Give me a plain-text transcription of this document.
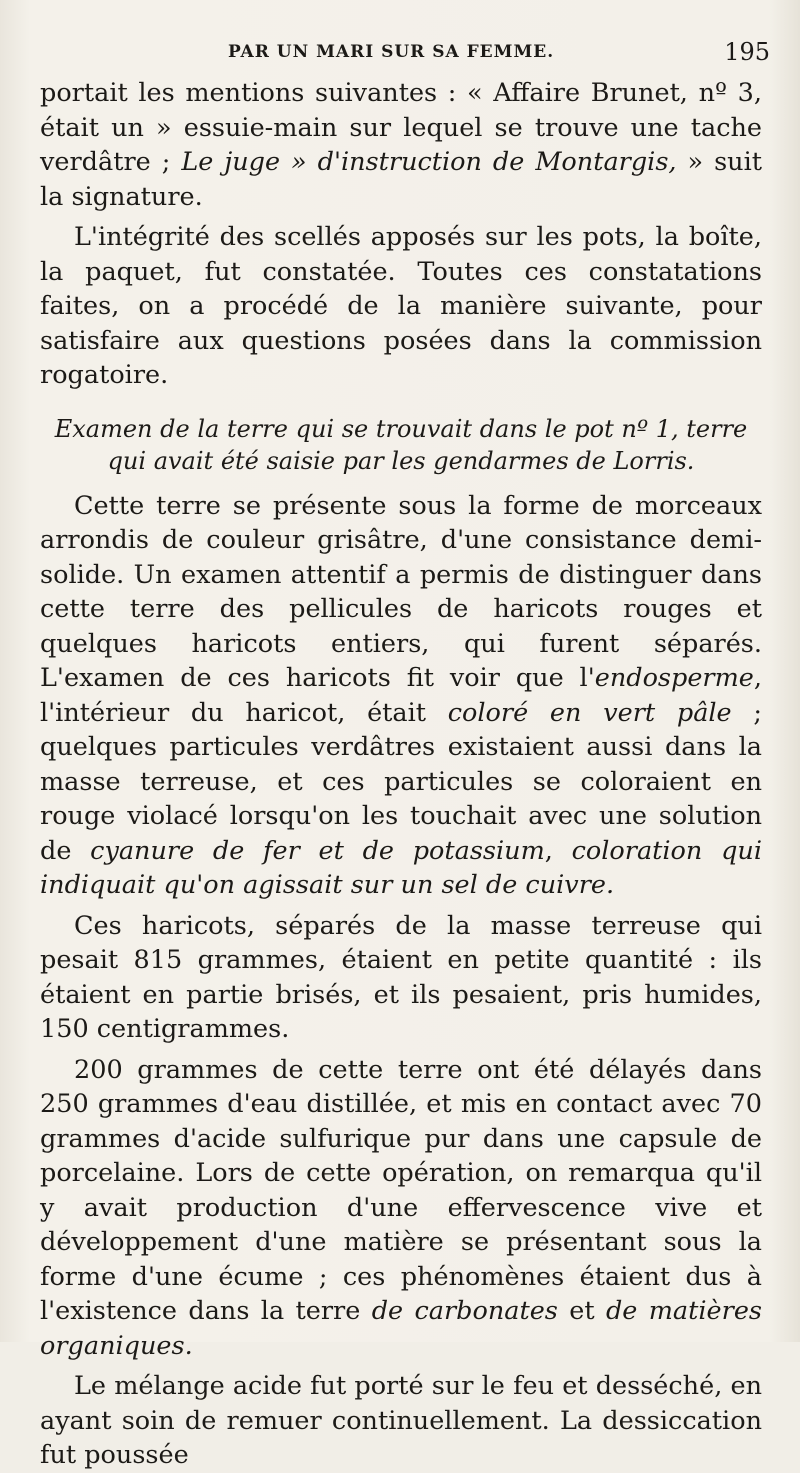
PAR UN MARI SUR SA FEMME.	195

portait les mentions suivantes : « Affaire Brunet, nº 3, était un » essuie-main sur lequel se trouve une tache verdâtre ; Le juge » d'instruction de Montargis, » suit la signature.

L'intégrité des scellés apposés sur les pots, la boîte, la paquet, fut constatée. Toutes ces constatations faites, on a procédé de la manière suivante, pour satisfaire aux questions posées dans la commission rogatoire.

Examen de la terre qui se trouvait dans le pot nº 1, terre qui avait été saisie par les gendarmes de Lorris.

Cette terre se présente sous la forme de morceaux arrondis de couleur grisâtre, d'une consistance demi-solide. Un examen attentif a permis de distinguer dans cette terre des pellicules de haricots rouges et quelques haricots entiers, qui furent séparés. L'examen de ces haricots fit voir que l'endosperme, l'intérieur du haricot, était coloré en vert pâle ; quelques particules verdâtres existaient aussi dans la masse terreuse, et ces particules se coloraient en rouge violacé lorsqu'on les touchait avec une solution de cyanure de fer et de potassium, coloration qui indiquait qu'on agissait sur un sel de cuivre.

Ces haricots, séparés de la masse terreuse qui pesait 815 grammes, étaient en petite quantité : ils étaient en partie brisés, et ils pesaient, pris humides, 150 centigrammes.

200 grammes de cette terre ont été délayés dans 250 grammes d'eau distillée, et mis en contact avec 70 grammes d'acide sulfurique pur dans une capsule de porcelaine. Lors de cette opération, on remarqua qu'il y avait production d'une effervescence vive et développement d'une matière se présentant sous la forme d'une écume ; ces phénomènes étaient dus à l'existence dans la terre de carbonates et de matières organiques.

Le mélange acide fut porté sur le feu et desséché, en ayant soin de remuer continuellement. La dessiccation fut poussée
